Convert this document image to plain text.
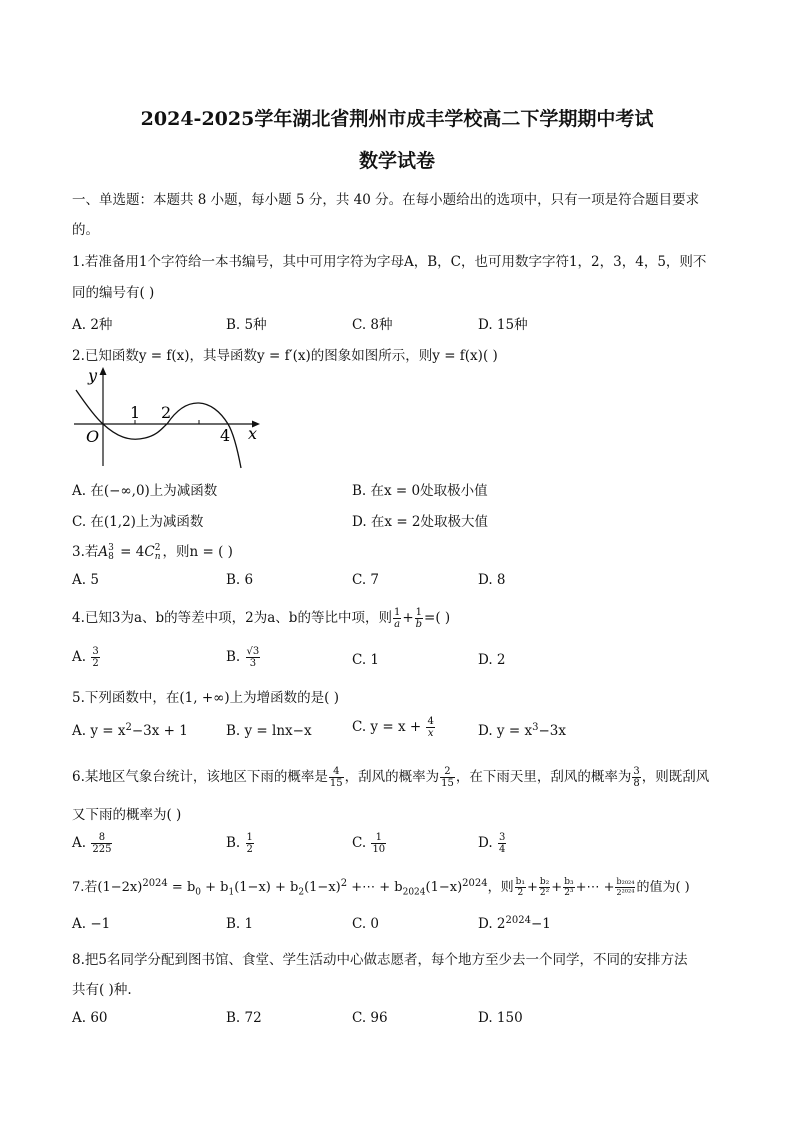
2024-2025学年湖北省荆州市成丰学校高二下学期期中考试
数学试卷
一、单选题：本题共 8 小题，每小题 5 分，共 40 分。在每小题给出的选项中，只有一项是符合题目要求
的。
1.若准备用1个字符给一本书编号，其中可用字符为字母A，B，C，也可用数字字符1，2，3，4，5，则不
同的编号有( )
A. 2种	B. 5种	C. 8种	D. 15种
2.已知函数y = f(x)，其导函数y = f′(x)的图象如图所示，则y = f(x)( )
y
x
O
1 2
4
A. 在(−∞,0)上为减函数	B. 在x = 0处取极小值
C. 在(1,2)上为减函数	D. 在x = 2处取极大值
3.若A 3
8 = 4C 2
n ，则n = ( )
A. 5	B. 6	C. 7	D. 8
4.已知3为a、b的等差中项，2为a、b的等比中项，则 $\frac{1}{a} + \frac{1}{b}$ =( )
A. $\frac{3}{2}$	B. $\frac{√3}{3}$	C. 1	D. 2
5.下列函数中，在(1, +∞)上为增函数的是( )
A. $y = x^2-3x + 1$	B. y = lnx−x	C. $y = x + \frac{4}{x}$	D. $y = x^3-3x$
6.某地区气象台统计，该地区下雨的概率是 $\frac{4}{15}$ ，刮风的概率为 $\frac{2}{15}$ ，在下雨天里，刮风的概率为 $\frac{3}{8}$ ，则既刮风
又下雨的概率为( )
A. $\frac{8}{225}$	B. $\frac{1}{2}$	C. $\frac{1}{10}$	D. $\frac{3}{4}$
7.若$(1-2x)^{2024} = b_0 + b_1(1-x) + b_2(1-x)^2$ +⋯ + $b_{2024}(1-x)^{2024}$，则 $\frac{\text{b₁}}{2} + \frac{\text{b₂}}{\text{2²}} + \frac{\text{b₃}}{\text{2³}}$ +⋯ + $\frac{\text{b₂₀₂₄}}{\text{2²⁰²⁴}}$ 的值为( )
A. −1	B. 1	C. 0	D. $2^{2024}-1$
8.把5名同学分配到图书馆、食堂、学生活动中心做志愿者，每个地方至少去一个同学，不同的安排方法
共有( )种.
A. 60	B. 72	C. 96	D. 150
